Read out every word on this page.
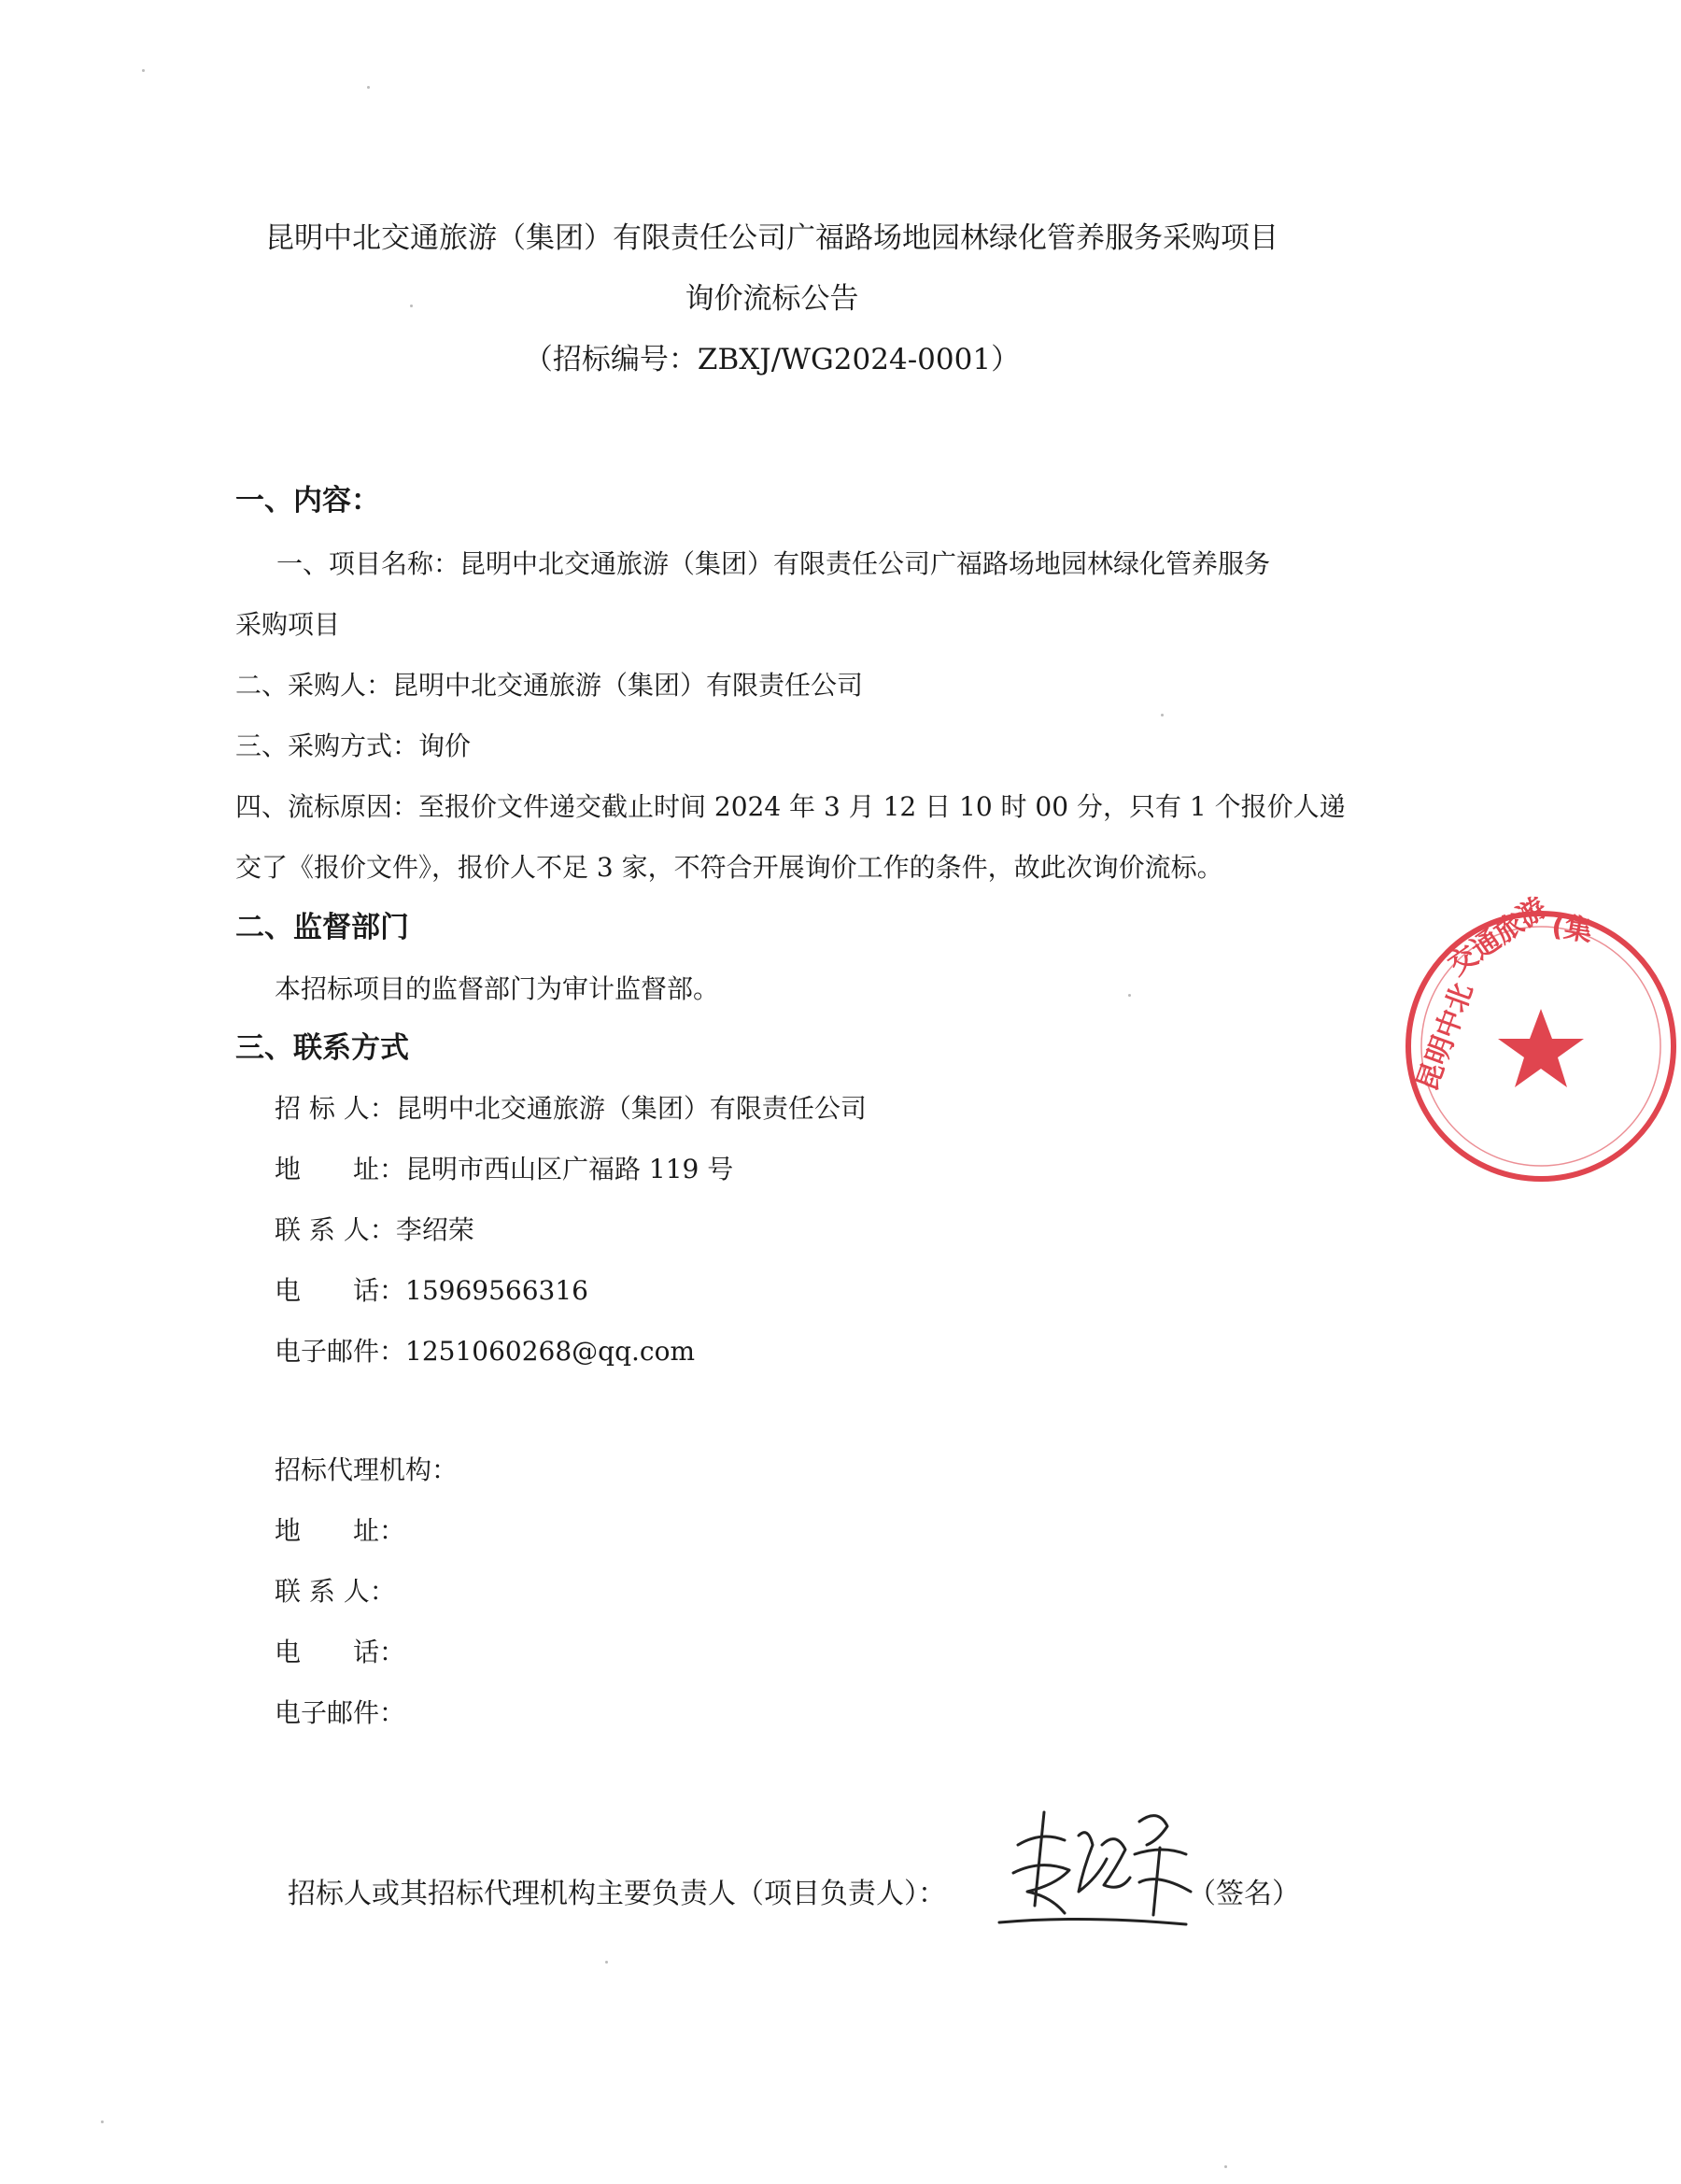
昆明中北交通旅游（集团）有限责任公司广福路场地园林绿化管养服务采购项目
询价流标公告
（招标编号：ZBXJ/WG2024-0001）
一、内容：
一、项目名称：昆明中北交通旅游（集团）有限责任公司广福路场地园林绿化管养服务
采购项目
二、采购人：昆明中北交通旅游（集团）有限责任公司
三、采购方式：询价
四、流标原因：至报价文件递交截止时间 2024 年 3 月 12 日 10 时 00 分，只有 1 个报价人递
交了《报价文件》，报价人不足 3 家，不符合开展询价工作的条件，故此次询价流标。
二、监督部门
本招标项目的监督部门为审计监督部。
三、联系方式
招 标 人：昆明中北交通旅游（集团）有限责任公司
地　　址：昆明市西山区广福路 119 号
联 系 人：李绍荣
电　　话：15969566316
电子邮件：1251060268@qq.com
招标代理机构：
地　　址：
联 系 人：
电　　话：
电子邮件：
招标人或其招标代理机构主要负责人（项目负责人）：	（签名）
昆明中北
交通旅游
(集
